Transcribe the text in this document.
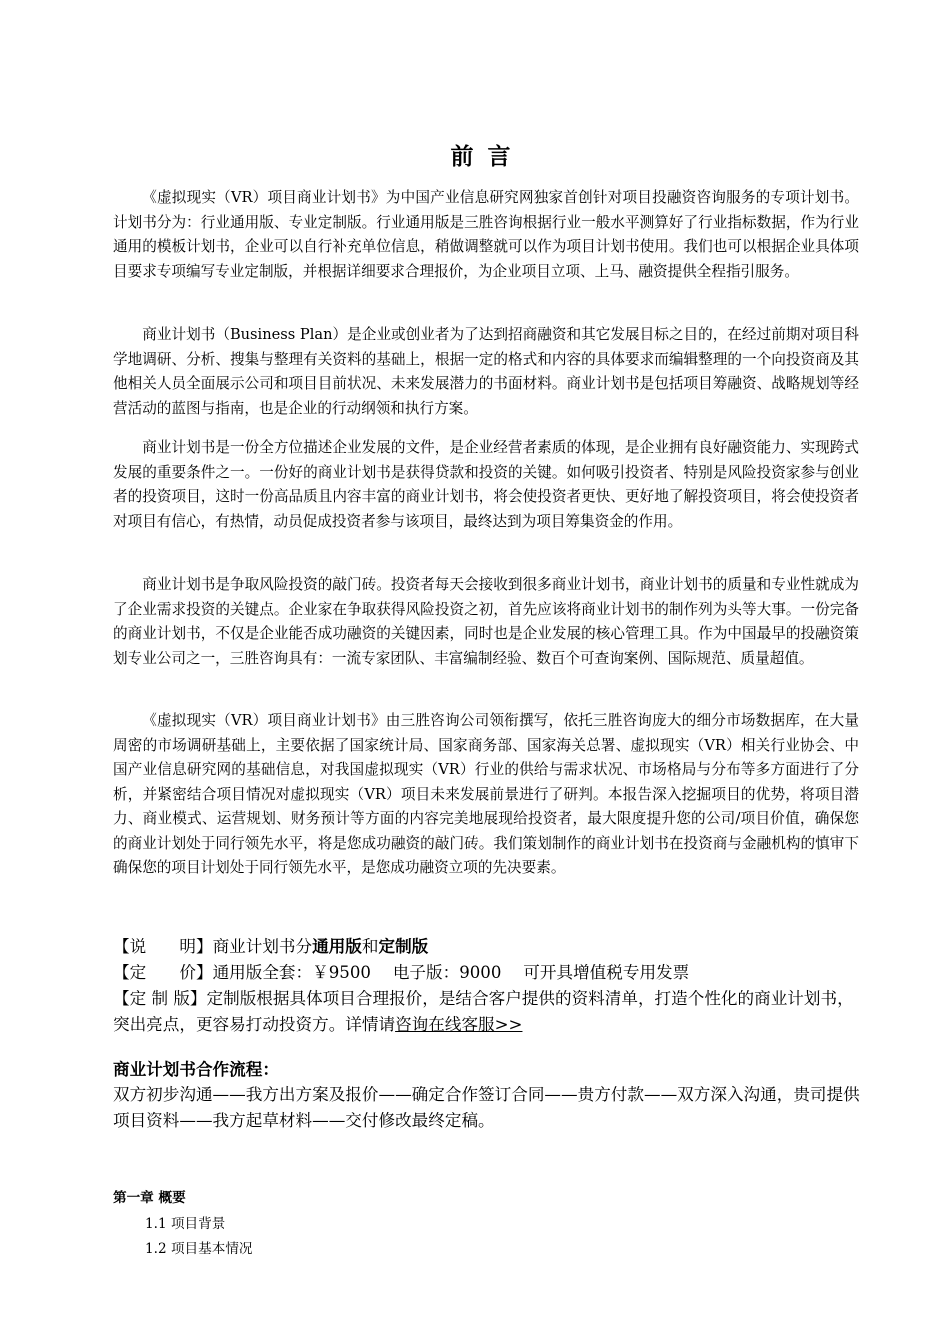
前言

《虚拟现实（VR）项目商业计划书》为中国产业信息研究网独家首创针对项目投融资咨询服务的专项计划书。计划书分为：行业通用版、专业定制版。行业通用版是三胜咨询根据行业一般水平测算好了行业指标数据，作为行业通用的模板计划书，企业可以自行补充单位信息，稍做调整就可以作为项目计划书使用。我们也可以根据企业具体项目要求专项编写专业定制版，并根据详细要求合理报价，为企业项目立项、上马、融资提供全程指引服务。

商业计划书（Business Plan）是企业或创业者为了达到招商融资和其它发展目标之目的，在经过前期对项目科学地调研、分析、搜集与整理有关资料的基础上，根据一定的格式和内容的具体要求而编辑整理的一个向投资商及其他相关人员全面展示公司和项目目前状况、未来发展潜力的书面材料。商业计划书是包括项目筹融资、战略规划等经营活动的蓝图与指南，也是企业的行动纲领和执行方案。

商业计划书是一份全方位描述企业发展的文件，是企业经营者素质的体现，是企业拥有良好融资能力、实现跨式发展的重要条件之一。一份好的商业计划书是获得贷款和投资的关键。如何吸引投资者、特别是风险投资家参与创业者的投资项目，这时一份高品质且内容丰富的商业计划书，将会使投资者更快、更好地了解投资项目，将会使投资者对项目有信心，有热情，动员促成投资者参与该项目，最终达到为项目筹集资金的作用。

商业计划书是争取风险投资的敲门砖。投资者每天会接收到很多商业计划书，商业计划书的质量和专业性就成为了企业需求投资的关键点。企业家在争取获得风险投资之初，首先应该将商业计划书的制作列为头等大事。一份完备的商业计划书，不仅是企业能否成功融资的关键因素，同时也是企业发展的核心管理工具。作为中国最早的投融资策划专业公司之一，三胜咨询具有：一流专家团队、丰富编制经验、数百个可查询案例、国际规范、质量超值。

《虚拟现实（VR）项目商业计划书》由三胜咨询公司领衔撰写，依托三胜咨询庞大的细分市场数据库，在大量周密的市场调研基础上，主要依据了国家统计局、国家商务部、国家海关总署、虚拟现实（VR）相关行业协会、中国产业信息研究网的基础信息，对我国虚拟现实（VR）行业的供给与需求状况、市场格局与分布等多方面进行了分析，并紧密结合项目情况对虚拟现实（VR）项目未来发展前景进行了研判。本报告深入挖掘项目的优势，将项目潜力、商业模式、运营规划、财务预计等方面的内容完美地展现给投资者，最大限度提升您的公司/项目价值，确保您的商业计划处于同行领先水平，将是您成功融资的敲门砖。我们策划制作的商业计划书在投资商与金融机构的慎审下确保您的项目计划处于同行领先水平，是您成功融资立项的先决要素。

【说　　明】商业计划书分通用版和定制版
【定　　价】通用版全套：￥9500　 电子版：9000　 可开具增值税专用发票
【定 制 版】定制版根据具体项目合理报价，是结合客户提供的资料清单，打造个性化的商业计划书，突出亮点，更容易打动投资方。详情请咨询在线客服>>
商业计划书合作流程：

双方初步沟通——我方出方案及报价——确定合作签订合同——贵方付款——双方深入沟通，贵司提供项目资料——我方起草材料——交付修改最终定稿。

第一章 概要
1.1 项目背景
1.2 项目基本情况
